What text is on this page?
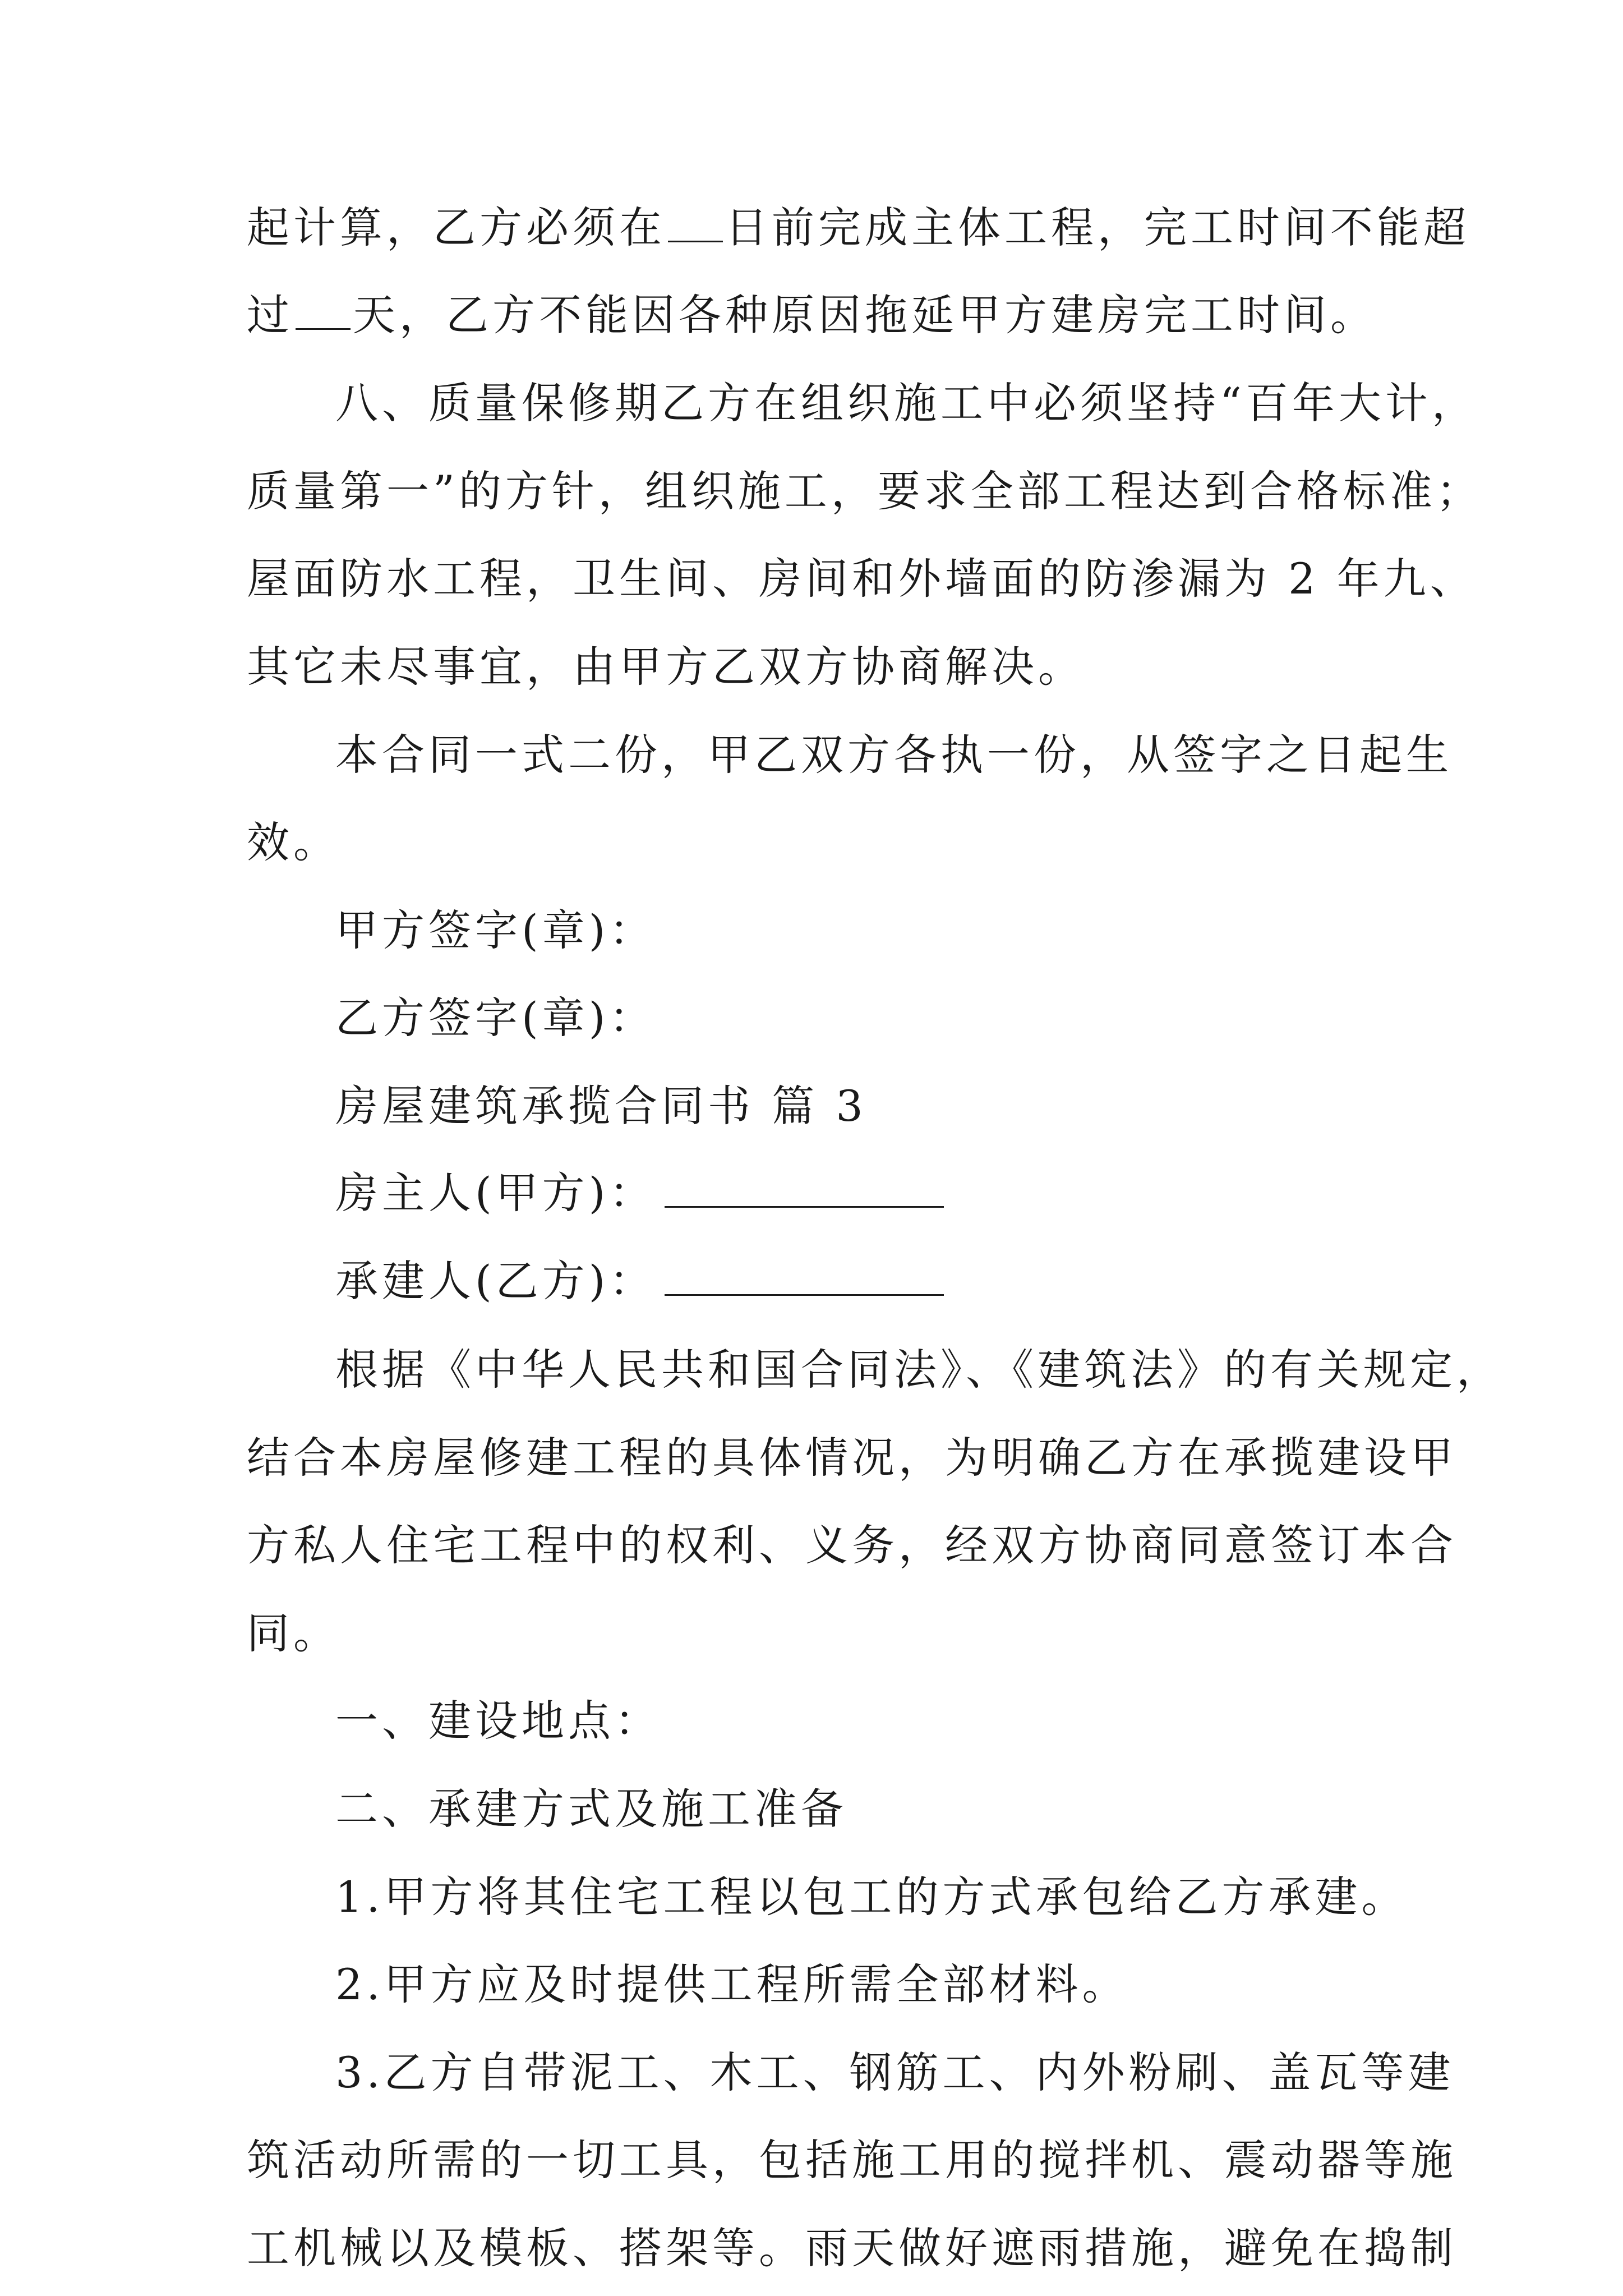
起计算，乙方必须在 日前完成主体工程，完工时间不能超

过 天，乙方不能因各种原因拖延甲方建房完工时间。

八、质量保修期乙方在组织施工中必须坚持“百年大计，

质量第一”的方针，组织施工，要求全部工程达到合格标准；

屋面防水工程，卫生间、房间和外墙面的防渗漏为 2 年九、

其它未尽事宜，由甲方乙双方协商解决。

本合同一式二份，甲乙双方各执一份，从签字之日起生

效。

甲方签字(章)：

乙方签字(章)：

房屋建筑承揽合同书 篇 3

房主人(甲方)：

承建人(乙方)：

根据《中华人民共和国合同法》、《建筑法》的有关规定，

结合本房屋修建工程的具体情况，为明确乙方在承揽建设甲

方私人住宅工程中的权利、义务，经双方协商同意签订本合

同。

一、建设地点：

二、承建方式及施工准备

1.甲方将其住宅工程以包工的方式承包给乙方承建。

2.甲方应及时提供工程所需全部材料。

3.乙方自带泥工、木工、钢筋工、内外粉刷、盖瓦等建

筑活动所需的一切工具，包括施工用的搅拌机、震动器等施

工机械以及模板、搭架等。雨天做好遮雨措施，避免在捣制
